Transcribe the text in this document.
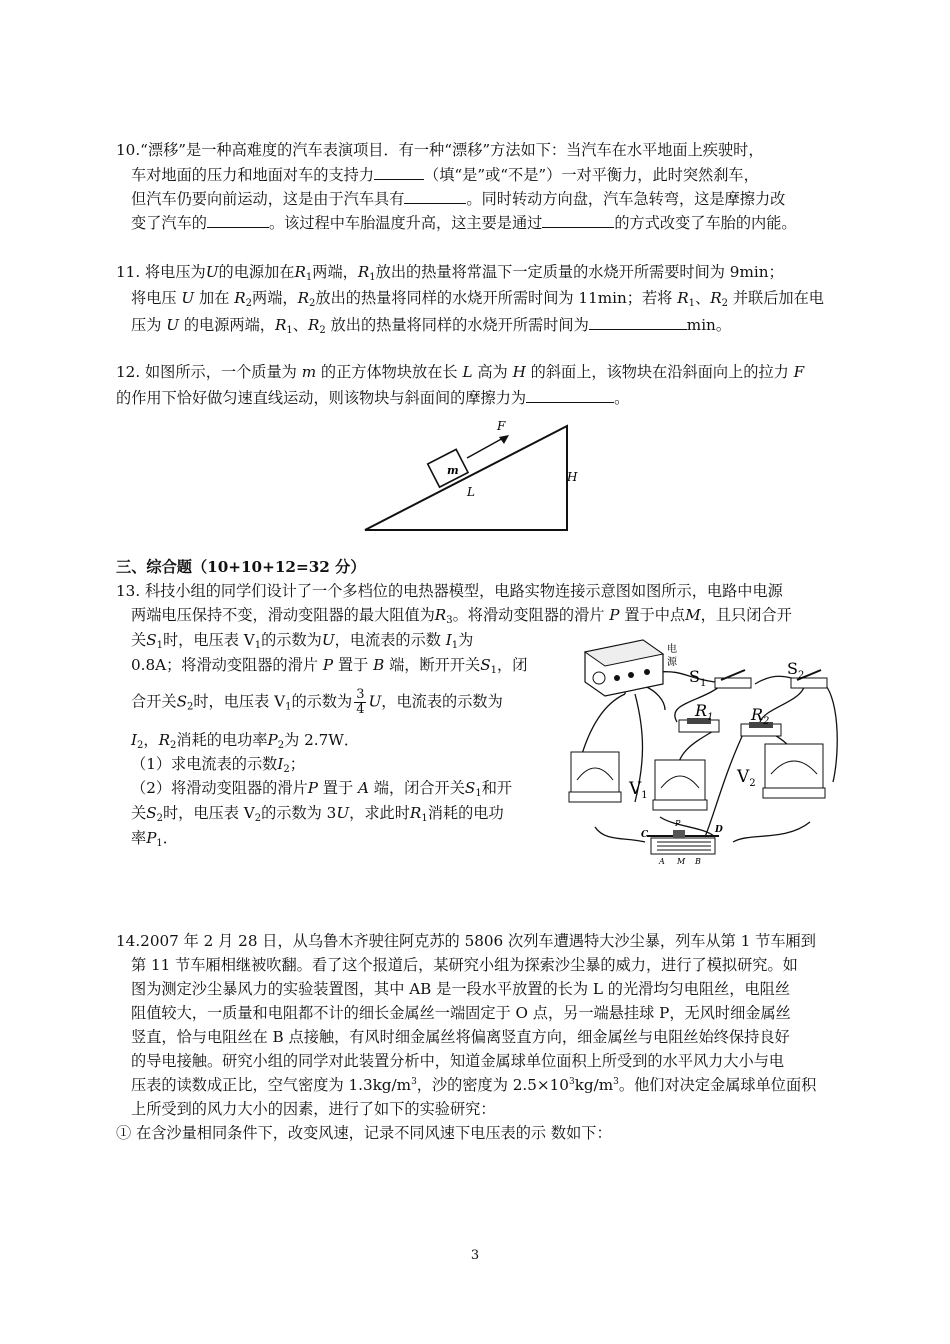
10.“漂移”是一种高难度的汽车表演项目．有一种“漂移”方法如下：当汽车在水平地面上疾驶时，
车对地面的压力和地面对车的支持力	（填“是”或“不是”）一对平衡力，此时突然刹车，
但汽车仍要向前运动，这是由于汽车具有	。同时转动方向盘，汽车急转弯，这是摩擦力改
变了汽车的	。该过程中车胎温度升高，这主要是通过	的方式改变了车胎的内能。
11. 将电压为U的电源加在$R_1$两端，$R_1$放出的热量将常温下一定质量的水烧开所需要时间为 9min；
将电压 U 加在 $R_2$两端，$R_2$放出的热量将同样的水烧开所需时间为 11min；若将 $R_1$、$R_2$ 并联后加在电
压为 U 的电源两端，$R_1$、$R_2$ 放出的热量将同样的水烧开所需时间为	min。
12. 如图所示，一个质量为 m 的正方体物块放在长 L 高为 H 的斜面上，该物块在沿斜面向上的拉力 F
的作用下恰好做匀速直线运动，则该物块与斜面间的摩擦力为	。
m
F
L
H
三、综合题（10+10+12=32 分）
13. 科技小组的同学们设计了一个多档位的电热器模型，电路实物连接示意图如图所示，电路中电源
两端电压保持不变，滑动变阻器的最大阻值为$R_3$。将滑动变阻器的滑片 P 置于中点M，且只闭合开
关$S_1$时，电压表 $V_1$的示数为U，电流表的示数 $I_1$为
0.8A；将滑动变阻器的滑片 P 置于 B 端，断开开关$S_1$，闭
合开关$S_2$时，电压表 $V_1$的示数为 $\frac{3}{4}$ U，电流表的示数为
$I_2$，$R_2$消耗的电功率$P_2$为 2.7W．
（1）求电流表的示数$I_2$；
（2）将滑动变阻器的滑片P 置于 A 端，闭合开关$S_1$和开
关$S_2$时，电压表 $V_2$的示数为 3U，求此时$R_1$消耗的电功
率$P_1$．
电
源
$S_1$
$S_2$
$R_1$ $R_2$
$V_1$
$V_2$
C	D
P
A M B
14.2007 年 2 月 28 日，从乌鲁木齐驶往阿克苏的 5806 次列车遭遇特大沙尘暴，列车从第 1 节车厢到
第 11 节车厢相继被吹翻。看了这个报道后，某研究小组为探索沙尘暴的威力，进行了模拟研究。如
图为测定沙尘暴风力的实验装置图，其中 AB 是一段水平放置的长为 L 的光滑均匀电阻丝，电阻丝
阻值较大，一质量和电阻都不计的细长金属丝一端固定于 O 点，另一端悬挂球 P，无风时细金属丝
竖直，恰与电阻丝在 B 点接触，有风时细金属丝将偏离竖直方向，细金属丝与电阻丝始终保持良好
的导电接触。研究小组的同学对此装置分析中，知道金属球单位面积上所受到的水平风力大小与电
压表的读数成正比，空气密度为 $1.3kg/m^3$，沙的密度为 $2.5\times 10^3kg/m^3$。他们对决定金属球单位面积
上所受到的风力大小的因素，进行了如下的实验研究：
① 在含沙量相同条件下，改变风速，记录不同风速下电压表的示 数如下：
3
